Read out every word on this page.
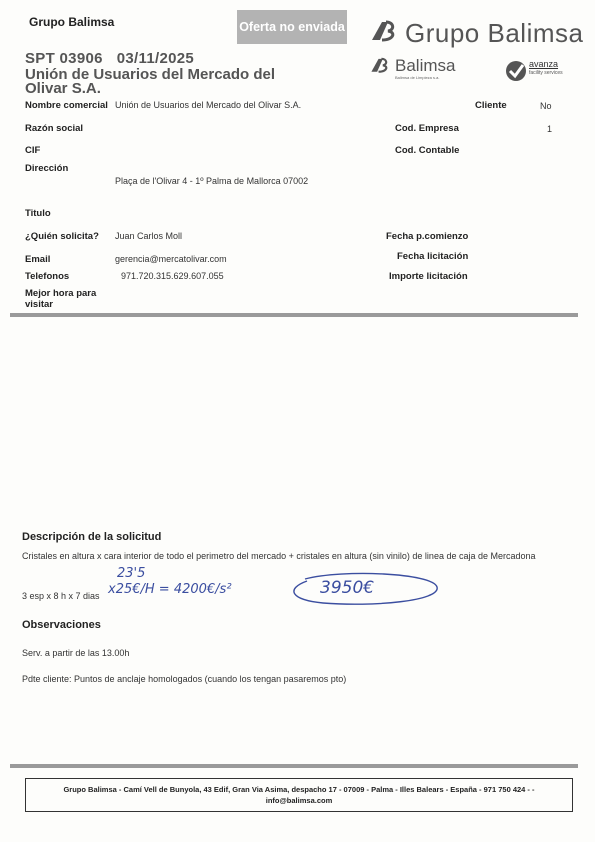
Grupo Balimsa	Oferta no enviada
SPT 03906 03/11/2025
Unión de Usuarios del Mercado del Olivar S.A.
Grupo Balimsa
Balimsa
Balimsa de Limpieza s.a.
avanza
facility services
Nombre comercial Unión de Usuarios del Mercado del Olivar S.A.	Cliente	No
Razón social	Cod. Empresa	1
CIF	Cod. Contable
Dirección
Plaça de l'Olivar 4 - 1º Palma de Mallorca 07002
Titulo
¿Quién solicita? Juan Carlos Moll	Fecha p.comienzo
Email	gerencia@mercatolivar.com	Fecha licitación
Telefonos	971.720.315.629.607.055	Importe licitación
Mejor hora para visitar
Descripción de la solicitud
Cristales en altura x cara interior de todo el perimetro del mercado + cristales en altura (sin vinilo) de linea de caja de Mercadona
3 esp x 8 h x 7 dias
23'5
x25€/H = 4200€/s²	3950€
Observaciones
Serv. a partir de las 13.00h
Pdte cliente: Puntos de anclaje homologados (cuando los tengan pasaremos pto)
Grupo Balimsa - Camí Vell de Bunyola, 43 Edif, Gran Via Asima, despacho 17 - 07009 - Palma - Illes Balears - España - 971 750 424 - - info@balimsa.com
